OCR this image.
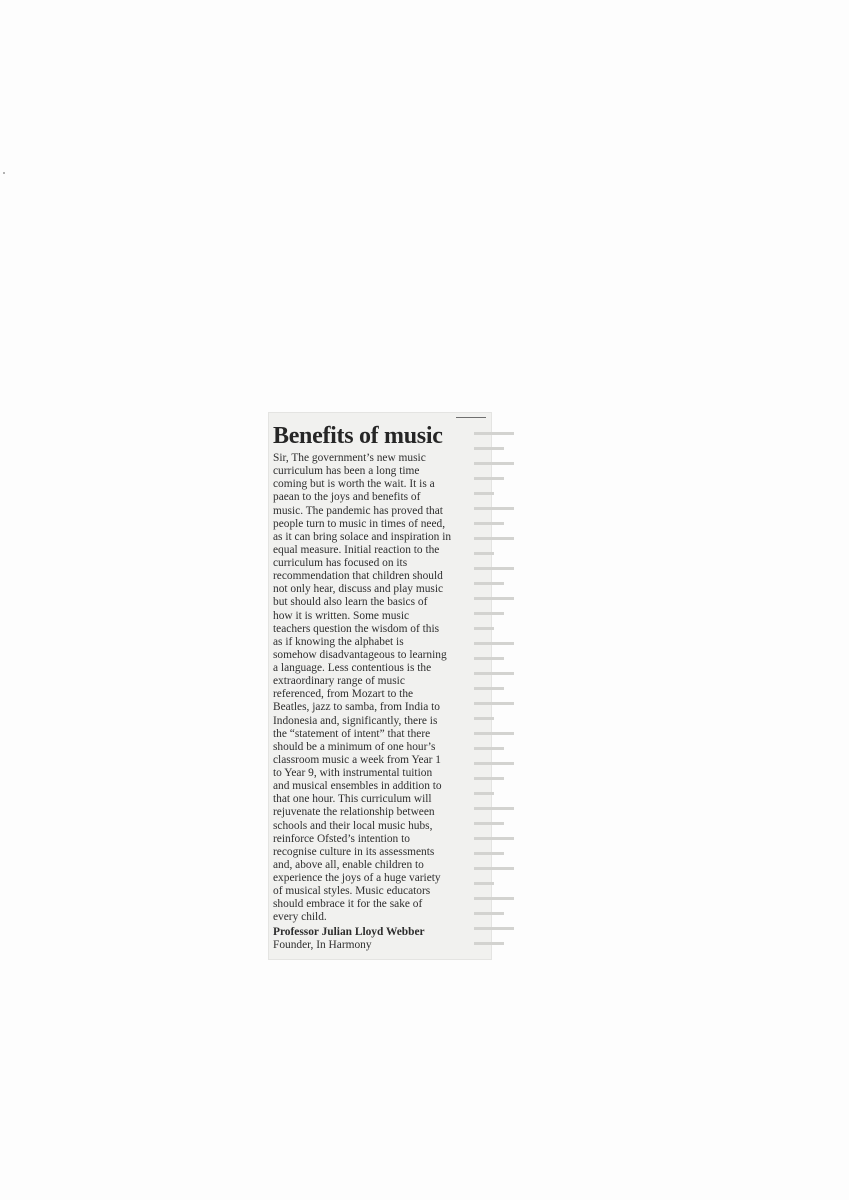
▬▬▬▬
▬▬▬
▬▬▬▬
▬▬▬
▬▬
▬▬▬▬
▬▬▬
▬▬▬▬
▬▬
▬▬▬▬
▬▬▬
▬▬▬▬
▬▬▬
▬▬
▬▬▬▬
▬▬▬
▬▬▬▬
▬▬▬
▬▬▬▬
▬▬
▬▬▬▬
▬▬▬
▬▬▬▬
▬▬▬
▬▬
▬▬▬▬
▬▬▬
▬▬▬▬
▬▬▬
▬▬▬▬
▬▬
▬▬▬▬
▬▬▬
▬▬▬▬
▬▬▬
Benefits of music

Sir, The government’s new music
curriculum has been a long time
coming but is worth the wait. It is a
paean to the joys and benefits of
music. The pandemic has proved that
people turn to music in times of need,
as it can bring solace and inspiration in
equal measure. Initial reaction to the
curriculum has focused on its
recommendation that children should
not only hear, discuss and play music
but should also learn the basics of
how it is written. Some music
teachers question the wisdom of this
as if knowing the alphabet is
somehow disadvantageous to learning
a language. Less contentious is the
extraordinary range of music
referenced, from Mozart to the
Beatles, jazz to samba, from India to
Indonesia and, significantly, there is
the “statement of intent” that there
should be a minimum of one hour’s
classroom music a week from Year 1
to Year 9, with instrumental tuition
and musical ensembles in addition to
that one hour. This curriculum will
rejuvenate the relationship between
schools and their local music hubs,
reinforce Ofsted’s intention to
recognise culture in its assessments
and, above all, enable children to
experience the joys of a huge variety
of musical styles. Music educators
should embrace it for the sake of
every child.

Professor Julian Lloyd Webber
Founder, In Harmony
